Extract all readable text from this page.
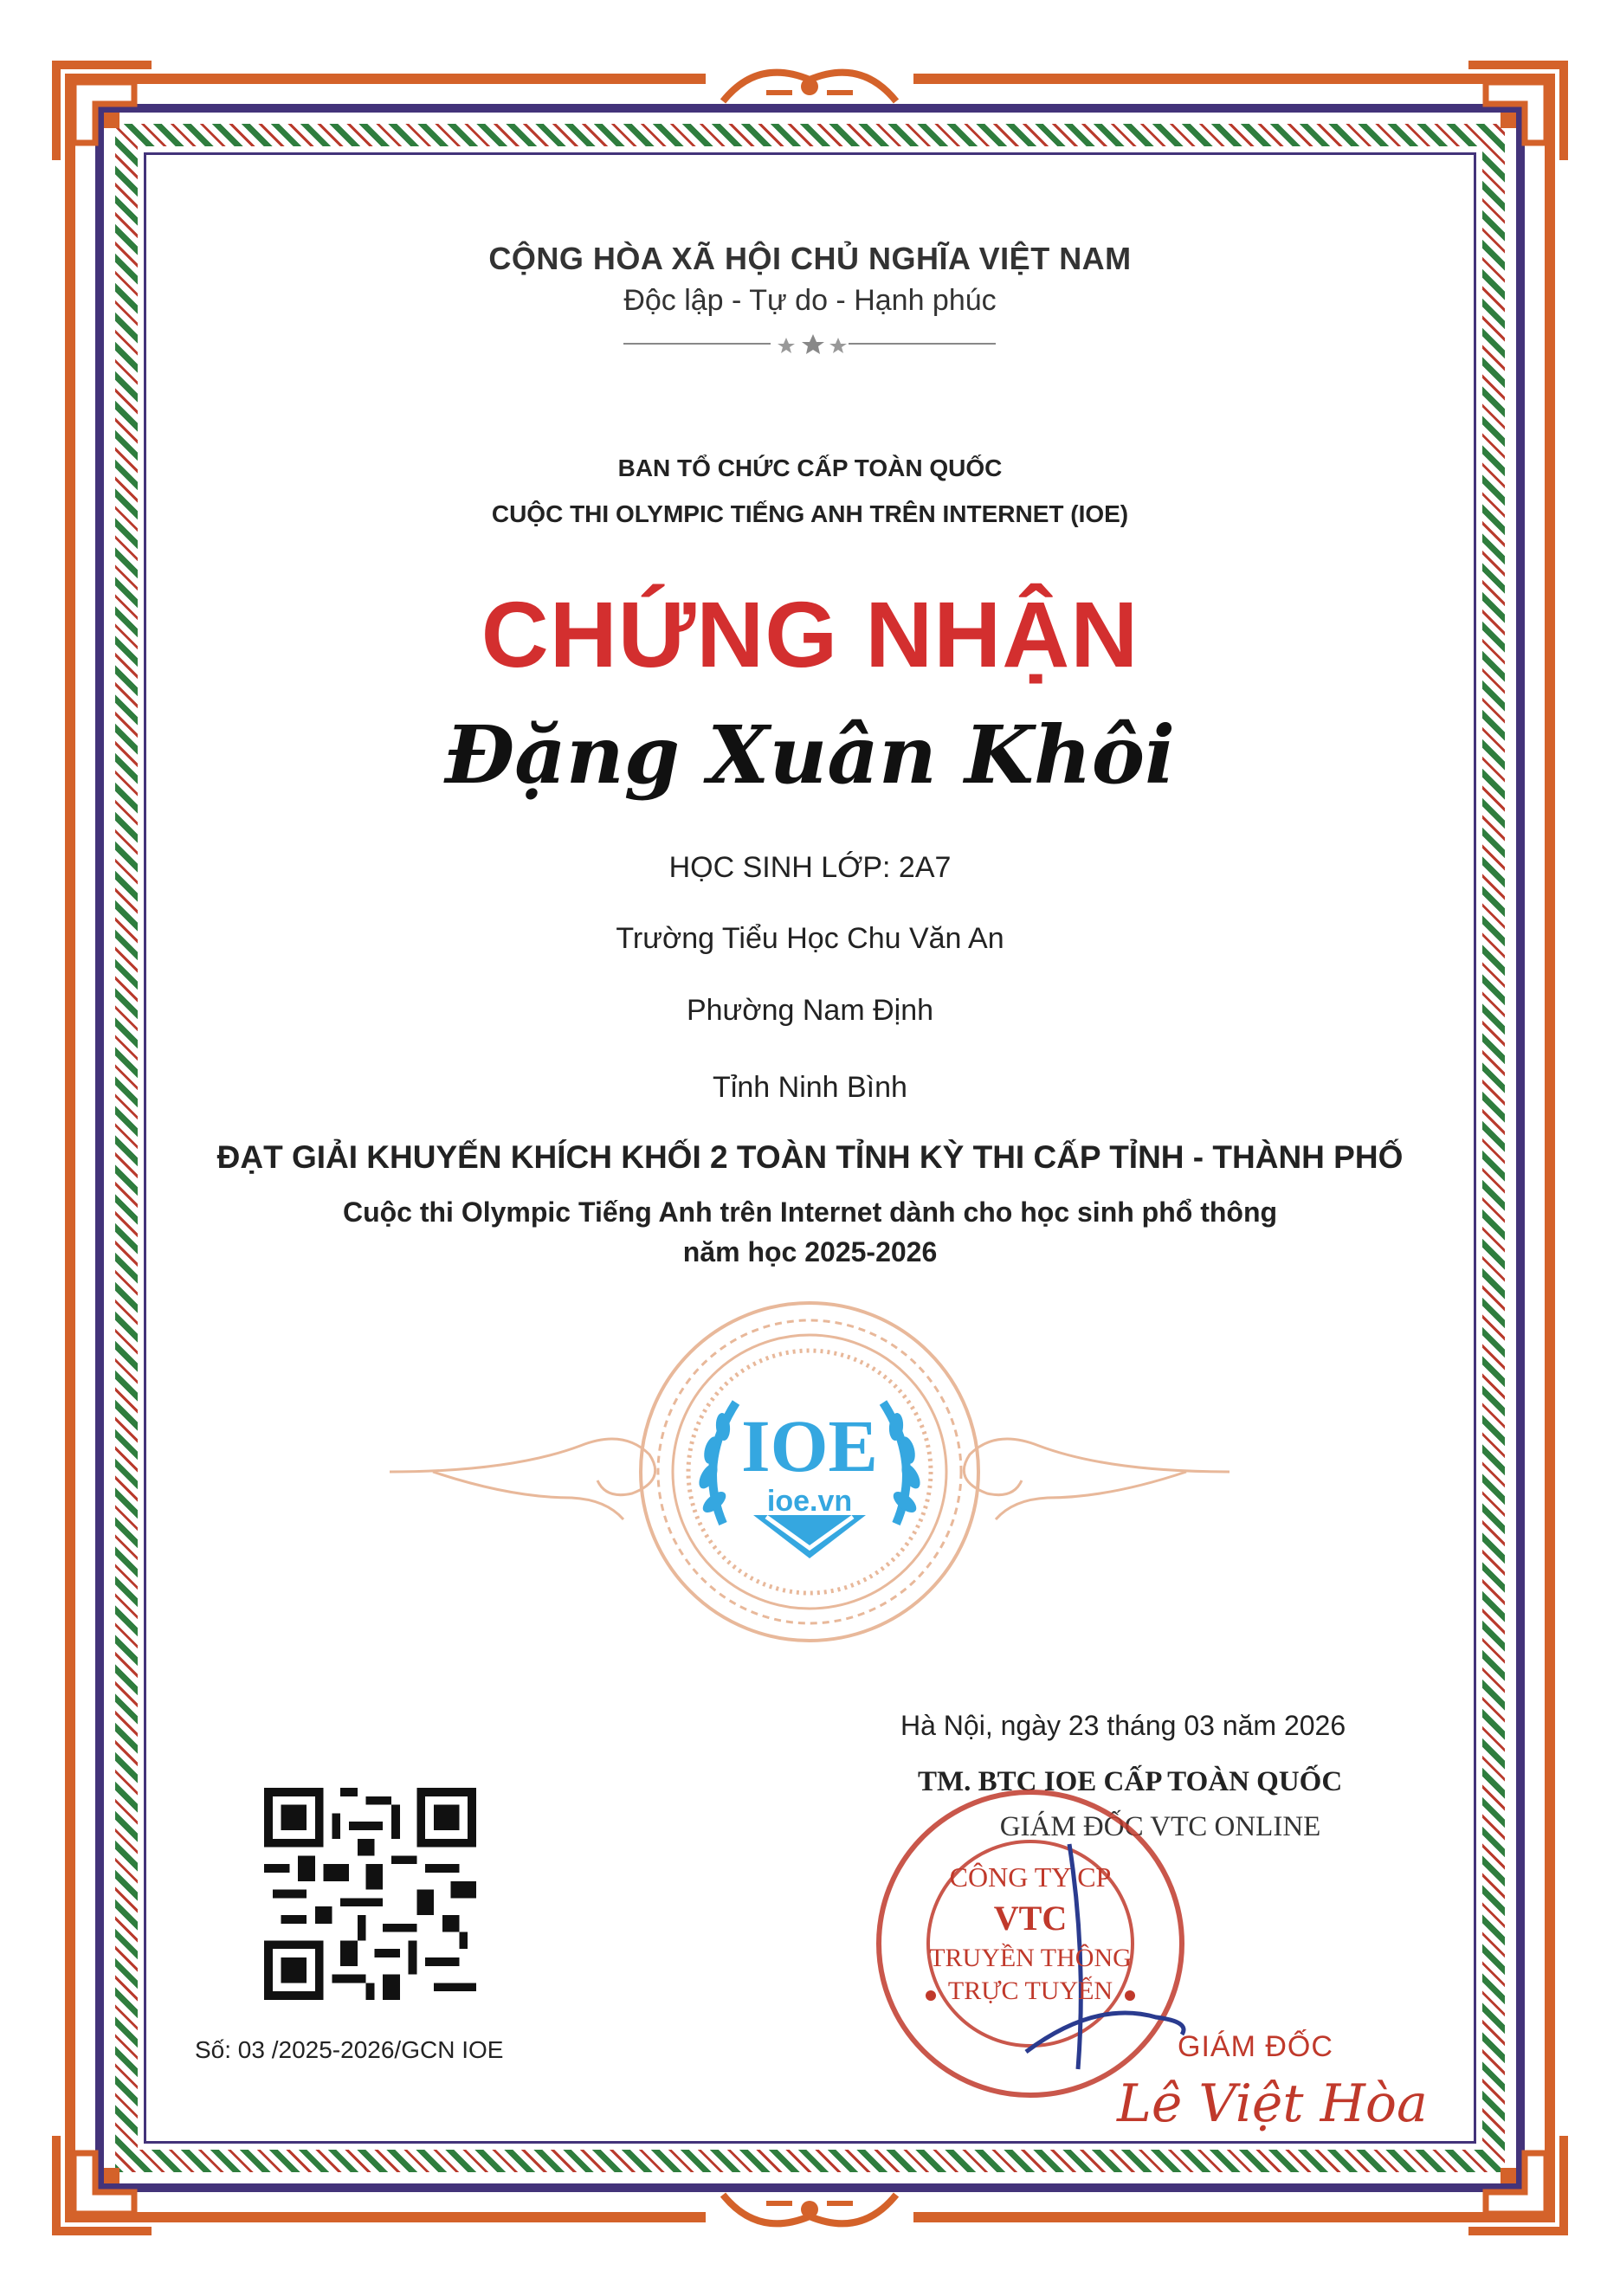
CỘNG HÒA XÃ HỘI CHỦ NGHĨA VIỆT NAM
Độc lập - Tự do - Hạnh phúc
BAN TỔ CHỨC CẤP TOÀN QUỐC
CUỘC THI OLYMPIC TIẾNG ANH TRÊN INTERNET (IOE)
CHỨNG NHẬN
Đặng Xuân Khôi
HỌC SINH LỚP: 2A7
Trường Tiểu Học Chu Văn An
Phường Nam Định
Tỉnh Ninh Bình
ĐẠT GIẢI KHUYẾN KHÍCH KHỐI 2 TOÀN TỈNH KỲ THI CẤP TỈNH - THÀNH PHỐ
Cuộc thi Olympic Tiếng Anh trên Internet dành cho học sinh phổ thông
năm học 2025-2026
IOE
ioe.vn
Hà Nội, ngày 23 tháng 03 năm 2026
TM. BTC IOE CẤP TOÀN QUỐC
GIÁM ĐỐC VTC ONLINE
CÔNG TY CP
VTC
TRUYỀN THÔNG
TRỰC TUYẾN
GIÁM ĐỐC
Lê Việt Hòa
Số: 03 /2025-2026/GCN IOE
